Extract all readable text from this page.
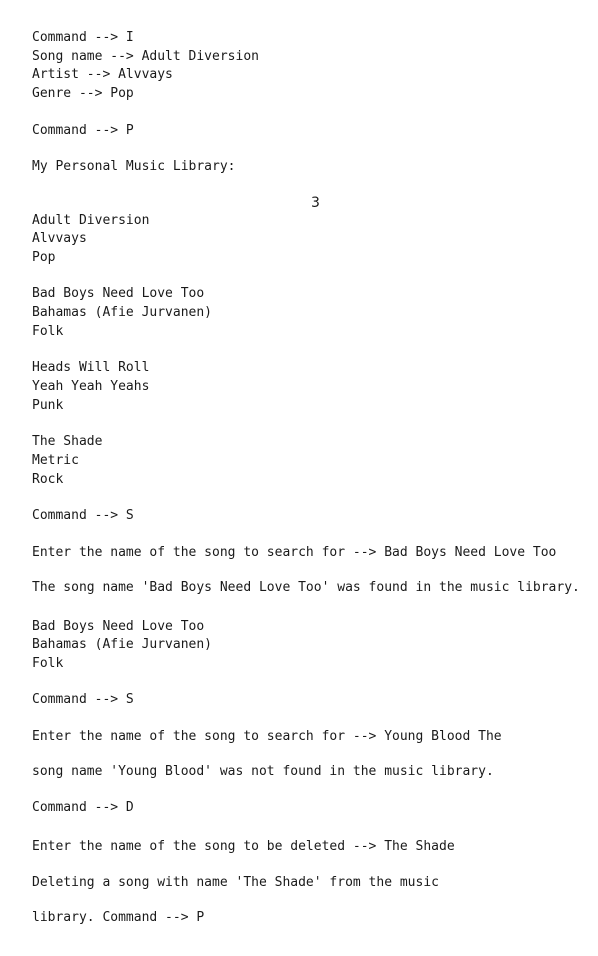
Command --> I
Song name --> Adult Diversion
Artist --> Alvvays
Genre --> Pop
Command --> P
My Personal Music Library:
3
Adult Diversion
Alvvays
Pop
Bad Boys Need Love Too
Bahamas (Afie Jurvanen)
Folk
Heads Will Roll
Yeah Yeah Yeahs
Punk
The Shade
Metric
Rock
Command --> S
Enter the name of the song to search for --> Bad Boys Need Love Too
The song name 'Bad Boys Need Love Too' was found in the music library.
Bad Boys Need Love Too
Bahamas (Afie Jurvanen)
Folk
Command --> S
Enter the name of the song to search for --> Young Blood The
song name 'Young Blood' was not found in the music library.
Command --> D
Enter the name of the song to be deleted --> The Shade
Deleting a song with name 'The Shade' from the music
library. Command --> P
